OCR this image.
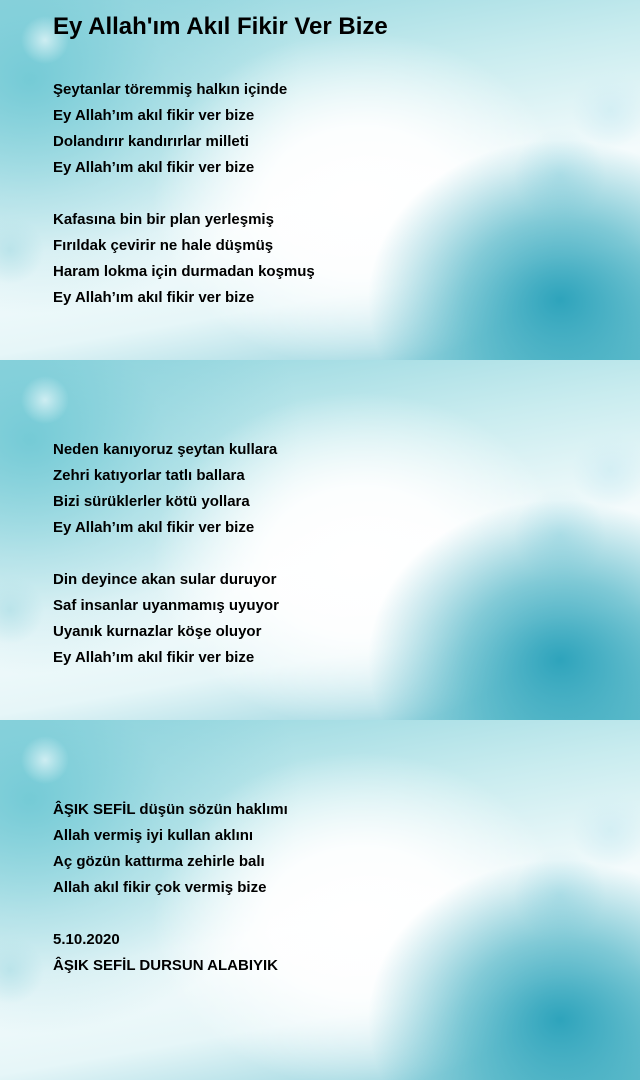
Ey Allah'ım Akıl Fikir Ver Bize
Şeytanlar töremmiş halkın içinde
Ey Allah’ım akıl fikir ver bize
Dolandırır kandırırlar milleti
Ey Allah’ım akıl fikir ver bize
Kafasına bin bir plan yerleşmiş
Fırıldak çevirir ne hale düşmüş
Haram lokma için durmadan koşmuş
Ey Allah’ım akıl fikir ver bize
Neden kanıyoruz şeytan kullara
Zehri katıyorlar tatlı ballara
Bizi sürüklerler kötü yollara
Ey Allah’ım akıl fikir ver bize
Din deyince akan sular duruyor
Saf insanlar uyanmamış uyuyor
Uyanık kurnazlar köşe oluyor
Ey Allah’ım akıl fikir ver bize
ÂŞIK SEFİL düşün sözün haklımı
Allah vermiş iyi kullan aklını
Aç gözün kattırma zehirle balı
Allah akıl fikir çok vermiş bize
5.10.2020
ÂŞIK SEFİL DURSUN ALABIYIK
